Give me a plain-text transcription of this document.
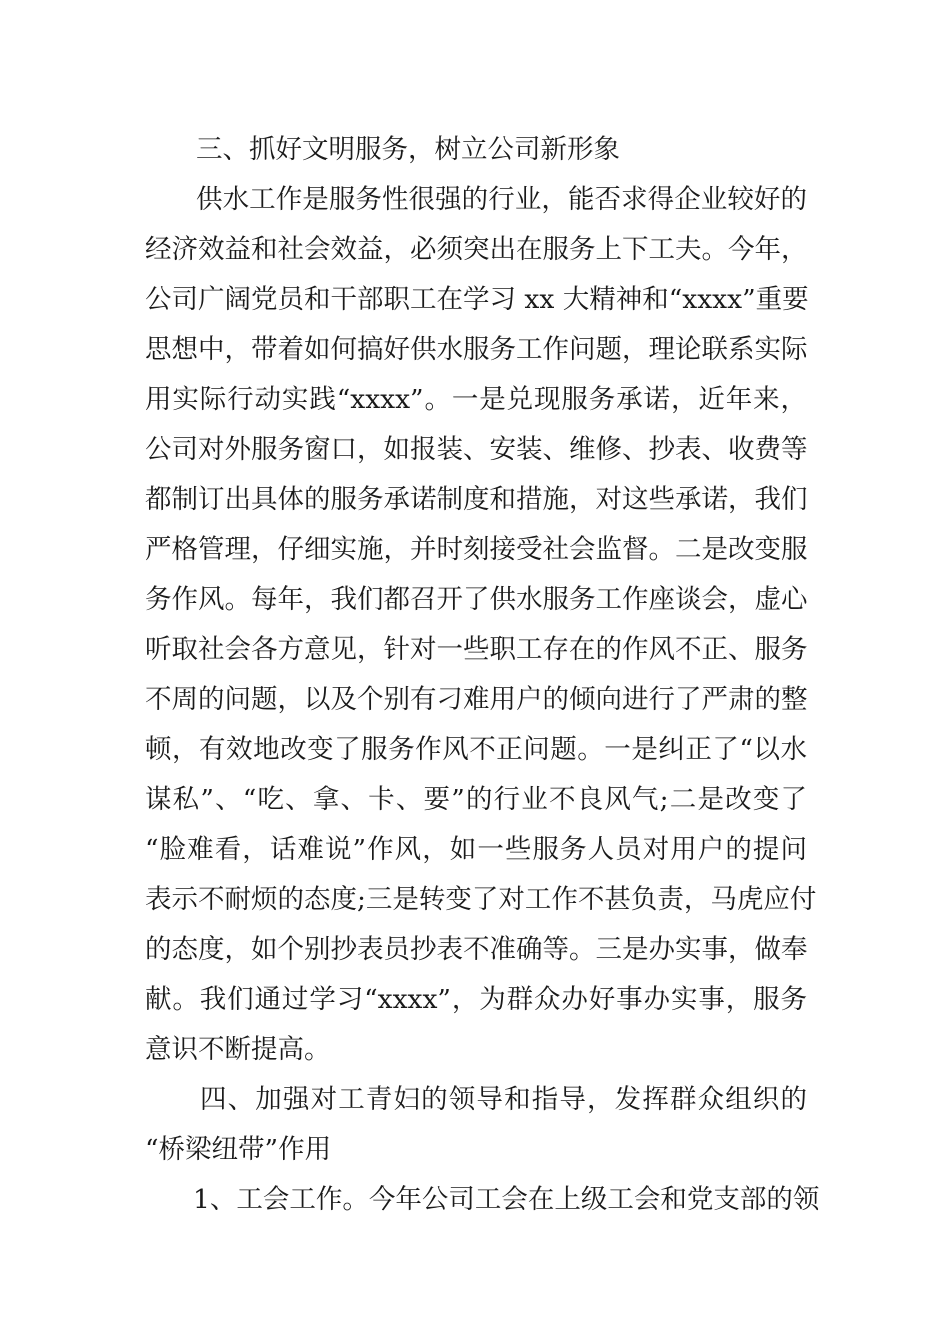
三、抓好文明服务，树立公司新形象
供水工作是服务性很强的行业，能否求得企业较好的
经济效益和社会效益，必须突出在服务上下工夫。今年，
公司广阔党员和干部职工在学习 xx 大精神和“xxxx”重要
思想中，带着如何搞好供水服务工作问题，理论联系实际
用实际行动实践“xxxx”。一是兑现服务承诺，近年来，
公司对外服务窗口，如报装、安装、维修、抄表、收费等
都制订出具体的服务承诺制度和措施，对这些承诺，我们
严格管理，仔细实施，并时刻接受社会监督。二是改变服
务作风。每年，我们都召开了供水服务工作座谈会，虚心
听取社会各方意见，针对一些职工存在的作风不正、服务
不周的问题，以及个别有刁难用户的倾向进行了严肃的整
顿，有效地改变了服务作风不正问题。一是纠正了“以水
谋私”、“吃、拿、卡、要”的行业不良风气;二是改变了
“脸难看，话难说”作风，如一些服务人员对用户的提问
表示不耐烦的态度;三是转变了对工作不甚负责，马虎应付
的态度，如个别抄表员抄表不准确等。三是办实事，做奉
献。我们通过学习“xxxx”，为群众办好事办实事，服务
意识不断提高。
四、加强对工青妇的领导和指导，发挥群众组织的
“桥梁纽带”作用
1、工会工作。今年公司工会在上级工会和党支部的领
